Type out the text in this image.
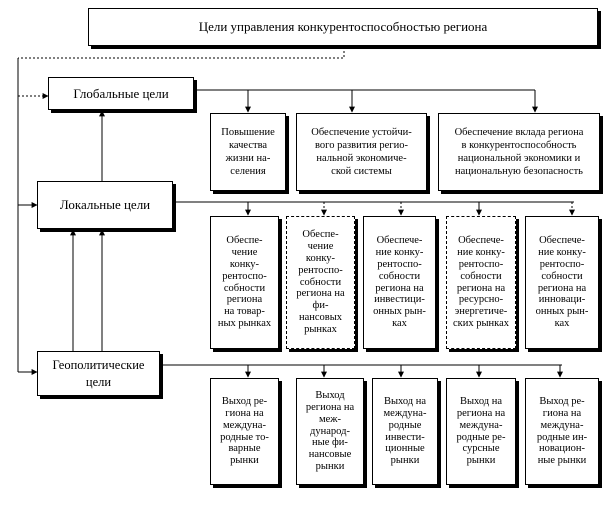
Цели управления конкурентоспособностью региона
Глобальные цели
Локальные цели
Геополитические
цели
Повышение
качества
жизни на-
селения
Обеспечение устойчи-
вого развития регио-
нальной экономиче-
ской системы
Обеспечение вклада региона
в конкурентоспособность
национальной экономики и
национальную безопасность
Обеспе-
чение
конку-
рентоспо-
собности
региона
на товар-
ных рынках
Обеспе-
чение
конку-
рентоспо-
собности
региона на
фи-
нансовых
рынках
Обеспече-
ние конку-
рентоспо-
собности
региона на
инвестици-
онных рын-
ках
Обеспече-
ние конку-
рентоспо-
собности
региона на
ресурсно-
энергетиче-
ских рынках
Обеспече-
ние конку-
рентоспо-
собности
региона на
инновaци-
онных рын-
ках
Выход ре-
гиона на
междуна-
родные то-
варные
рынки
Выход
региона на
меж-
дународ-
ные фи-
нансовые
рынки
Выход на
междуна-
родные
инвести-
ционные
рынки
Выход на
региона на
междуна-
родные ре-
сурсные
рынки
Выход ре-
гиона на
междуна-
родные ин-
новацион-
ные рынки
